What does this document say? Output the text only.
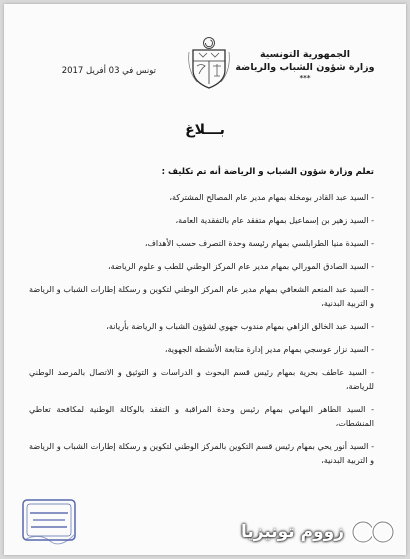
الجمهورية التونسية
وزارة شؤون الشباب والرياضة
***
تونس في 03 أفريل 2017
بـــلاغ
تعلم وزارة شؤون الشباب و الرياضة أنه تم تكليف :
- السيد عبد القادر بومخلة بمهام مدير عام المصالح المشتركة،
- السيد زهير بن إسماعيل بمهام متفقد عام بالتفقدية العامة،
- السيدة منيا الطرابلسي بمهام رئيسة وحدة التصرف حسب الأهداف،
- السيد الصادق المورالي بمهام مدير عام المركز الوطني للطب و علوم الرياضة،
- السيد عبد المنعم الشعافي بمهام مدير عام المركز الوطني لتكوين و رسكلة إطارات الشباب و الرياضة و التربية البدنية،
- السيد عبد الخالق الزاهي بمهام مندوب جهوي لشؤون الشباب و الرياضة بأريانة،
- السيد نزار عوسجي بمهام مدير إدارة متابعة الأنشطة الجهوية،
- السيد عاطف بحرية بمهام رئيس قسم البحوث و الدراسات و التوثيق و الاتصال بالمرصد الوطني للرياضة،
- السيد الطاهر البهامي بمهام رئيس وحدة المراقبة و التفقد بالوكالة الوطنية لمكافحة تعاطي المنشطات،
- السيد أنور يحي بمهام رئيس قسم التكوين بالمركز الوطني لتكوين و رسكلة إطارات الشباب و الرياضة و التربية البدنية،
زووم تونيزيا
